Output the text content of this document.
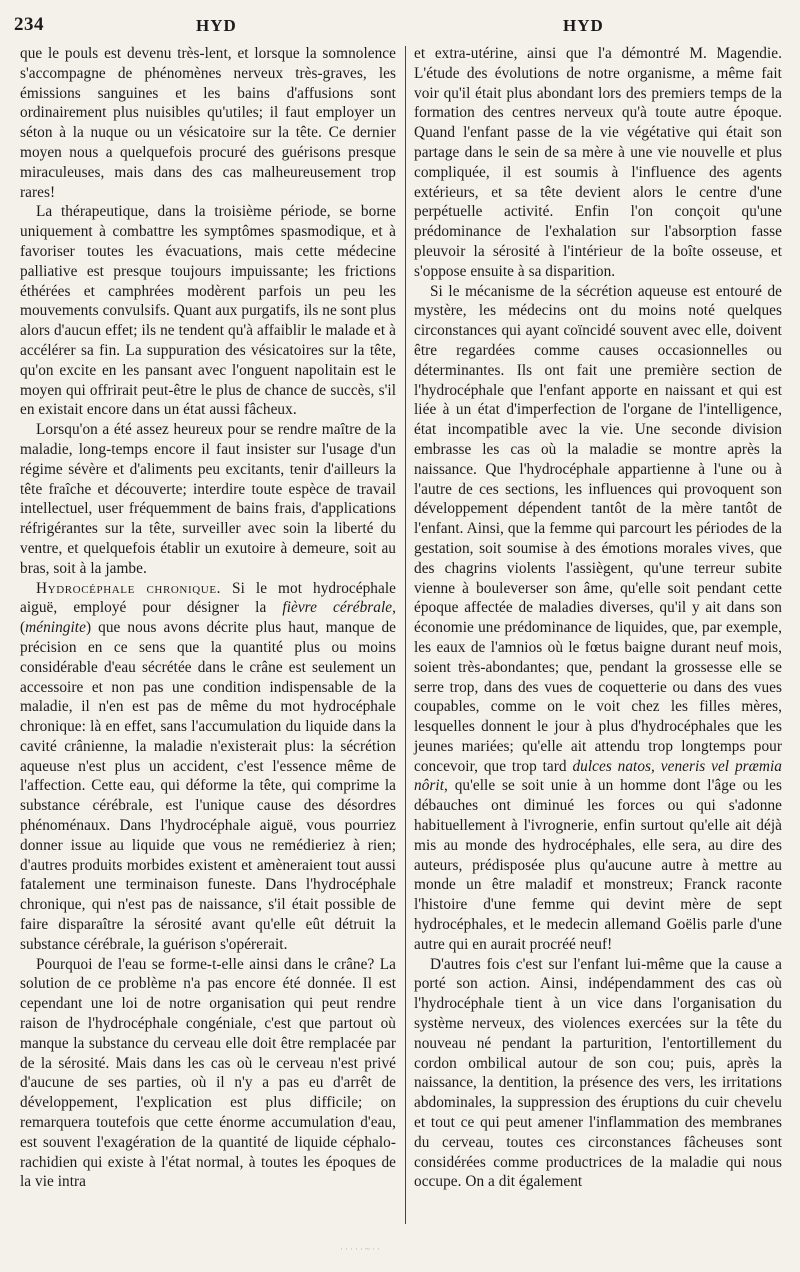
234	HYD	HYD

que le pouls est devenu très-lent, et lorsque la somnolence s'accompagne de phénomènes nerveux très-graves, les émissions sanguines et les bains d'affusions sont ordinairement plus nuisibles qu'utiles; il faut employer un séton à la nuque ou un vésicatoire sur la tête. Ce dernier moyen nous a quelquefois procuré des guérisons presque miraculeuses, mais dans des cas malheureusement trop rares!

La thérapeutique, dans la troisième période, se borne uniquement à combattre les symptômes spasmodique, et à favoriser toutes les évacuations, mais cette médecine palliative est presque toujours impuissante; les frictions éthérées et camphrées modèrent parfois un peu les mouvements convulsifs. Quant aux purgatifs, ils ne sont plus alors d'aucun effet; ils ne tendent qu'à affaiblir le malade et à accélérer sa fin. La suppuration des vésicatoires sur la tête, qu'on excite en les pansant avec l'onguent napolitain est le moyen qui offrirait peut-être le plus de chance de succès, s'il en existait encore dans un état aussi fâcheux.

Lorsqu'on a été assez heureux pour se rendre maître de la maladie, long-temps encore il faut insister sur l'usage d'un régime sévère et d'aliments peu excitants, tenir d'ailleurs la tête fraîche et découverte; interdire toute espèce de travail intellectuel, user fréquemment de bains frais, d'applications réfrigérantes sur la tête, surveiller avec soin la liberté du ventre, et quelquefois établir un exutoire à demeure, soit au bras, soit à la jambe.

Hydrocéphale chronique. Si le mot hydrocéphale aiguë, employé pour désigner la fièvre cérébrale, (méningite) que nous avons décrite plus haut, manque de précision en ce sens que la quantité plus ou moins considérable d'eau sécrétée dans le crâne est seulement un accessoire et non pas une condition indispensable de la maladie, il n'en est pas de même du mot hydrocéphale chronique: là en effet, sans l'accumulation du liquide dans la cavité crânienne, la maladie n'existerait plus: la sécrétion aqueuse n'est plus un accident, c'est l'essence même de l'affection. Cette eau, qui déforme la tête, qui comprime la substance cérébrale, est l'unique cause des désordres phénoménaux. Dans l'hydrocéphale aiguë, vous pourriez donner issue au liquide que vous ne remédieriez à rien; d'autres produits morbides existent et amèneraient tout aussi fatalement une terminaison funeste. Dans l'hydrocéphale chronique, qui n'est pas de naissance, s'il était possible de faire disparaître la sérosité avant qu'elle eût détruit la substance cérébrale, la guérison s'opérerait.

Pourquoi de l'eau se forme-t-elle ainsi dans le crâne? La solution de ce problème n'a pas encore été donnée. Il est cependant une loi de notre organisation qui peut rendre raison de l'hydrocéphale congéniale, c'est que partout où manque la substance du cerveau elle doit être remplacée par de la sérosité. Mais dans les cas où le cerveau n'est privé d'aucune de ses parties, où il n'y a pas eu d'arrêt de développement, l'explication est plus difficile; on remarquera toutefois que cette énorme accumulation d'eau, est souvent l'exagération de la quantité de liquide céphalo-rachidien qui existe à l'état normal, à toutes les époques de la vie intra

et extra-utérine, ainsi que l'a démontré M. Magendie. L'étude des évolutions de notre organisme, a même fait voir qu'il était plus abondant lors des premiers temps de la formation des centres nerveux qu'à toute autre époque. Quand l'enfant passe de la vie végétative qui était son partage dans le sein de sa mère à une vie nouvelle et plus compliquée, il est soumis à l'influence des agents extérieurs, et sa tête devient alors le centre d'une perpétuelle activité. Enfin l'on conçoit qu'une prédominance de l'exhalation sur l'absorption fasse pleuvoir la sérosité à l'intérieur de la boîte osseuse, et s'oppose ensuite à sa disparition.

Si le mécanisme de la sécrétion aqueuse est entouré de mystère, les médecins ont du moins noté quelques circonstances qui ayant coïncidé souvent avec elle, doivent être regardées comme causes occasionnelles ou déterminantes. Ils ont fait une première section de l'hydrocéphale que l'enfant apporte en naissant et qui est liée à un état d'imperfection de l'organe de l'intelligence, état incompatible avec la vie. Une seconde division embrasse les cas où la maladie se montre après la naissance. Que l'hydrocéphale appartienne à l'une ou à l'autre de ces sections, les influences qui provoquent son développement dépendent tantôt de la mère tantôt de l'enfant. Ainsi, que la femme qui parcourt les périodes de la gestation, soit soumise à des émotions morales vives, que des chagrins violents l'assiègent, qu'une terreur subite vienne à bouleverser son âme, qu'elle soit pendant cette époque affectée de maladies diverses, qu'il y ait dans son économie une prédominance de liquides, que, par exemple, les eaux de l'amnios où le fœtus baigne durant neuf mois, soient très-abondantes; que, pendant la grossesse elle se serre trop, dans des vues de coquetterie ou dans des vues coupables, comme on le voit chez les filles mères, lesquelles donnent le jour à plus d'hydrocéphales que les jeunes mariées; qu'elle ait attendu trop longtemps pour concevoir, que trop tard dulces natos, veneris vel præmia nôrit, qu'elle se soit unie à un homme dont l'âge ou les débauches ont diminué les forces ou qui s'adonne habituellement à l'ivrognerie, enfin surtout qu'elle ait déjà mis au monde des hydrocéphales, elle sera, au dire des auteurs, prédisposée plus qu'aucune autre à mettre au monde un être maladif et monstreux; Franck raconte l'histoire d'une femme qui devint mère de sept hydrocéphales, et le medecin allemand Goëlis parle d'une autre qui en aurait procréé neuf!

D'autres fois c'est sur l'enfant lui-même que la cause a porté son action. Ainsi, indépendamment des cas où l'hydrocéphale tient à un vice dans l'organisation du système nerveux, des violences exercées sur la tête du nouveau né pendant la parturition, l'entortillement du cordon ombilical autour de son cou; puis, après la naissance, la dentition, la présence des vers, les irritations abdominales, la suppression des éruptions du cuir chevelu et tout ce qui peut amener l'inflammation des membranes du cerveau, toutes ces circonstances fâcheuses sont considérées comme productrices de la maladie qui nous occupe. On a dit également

·····~··
